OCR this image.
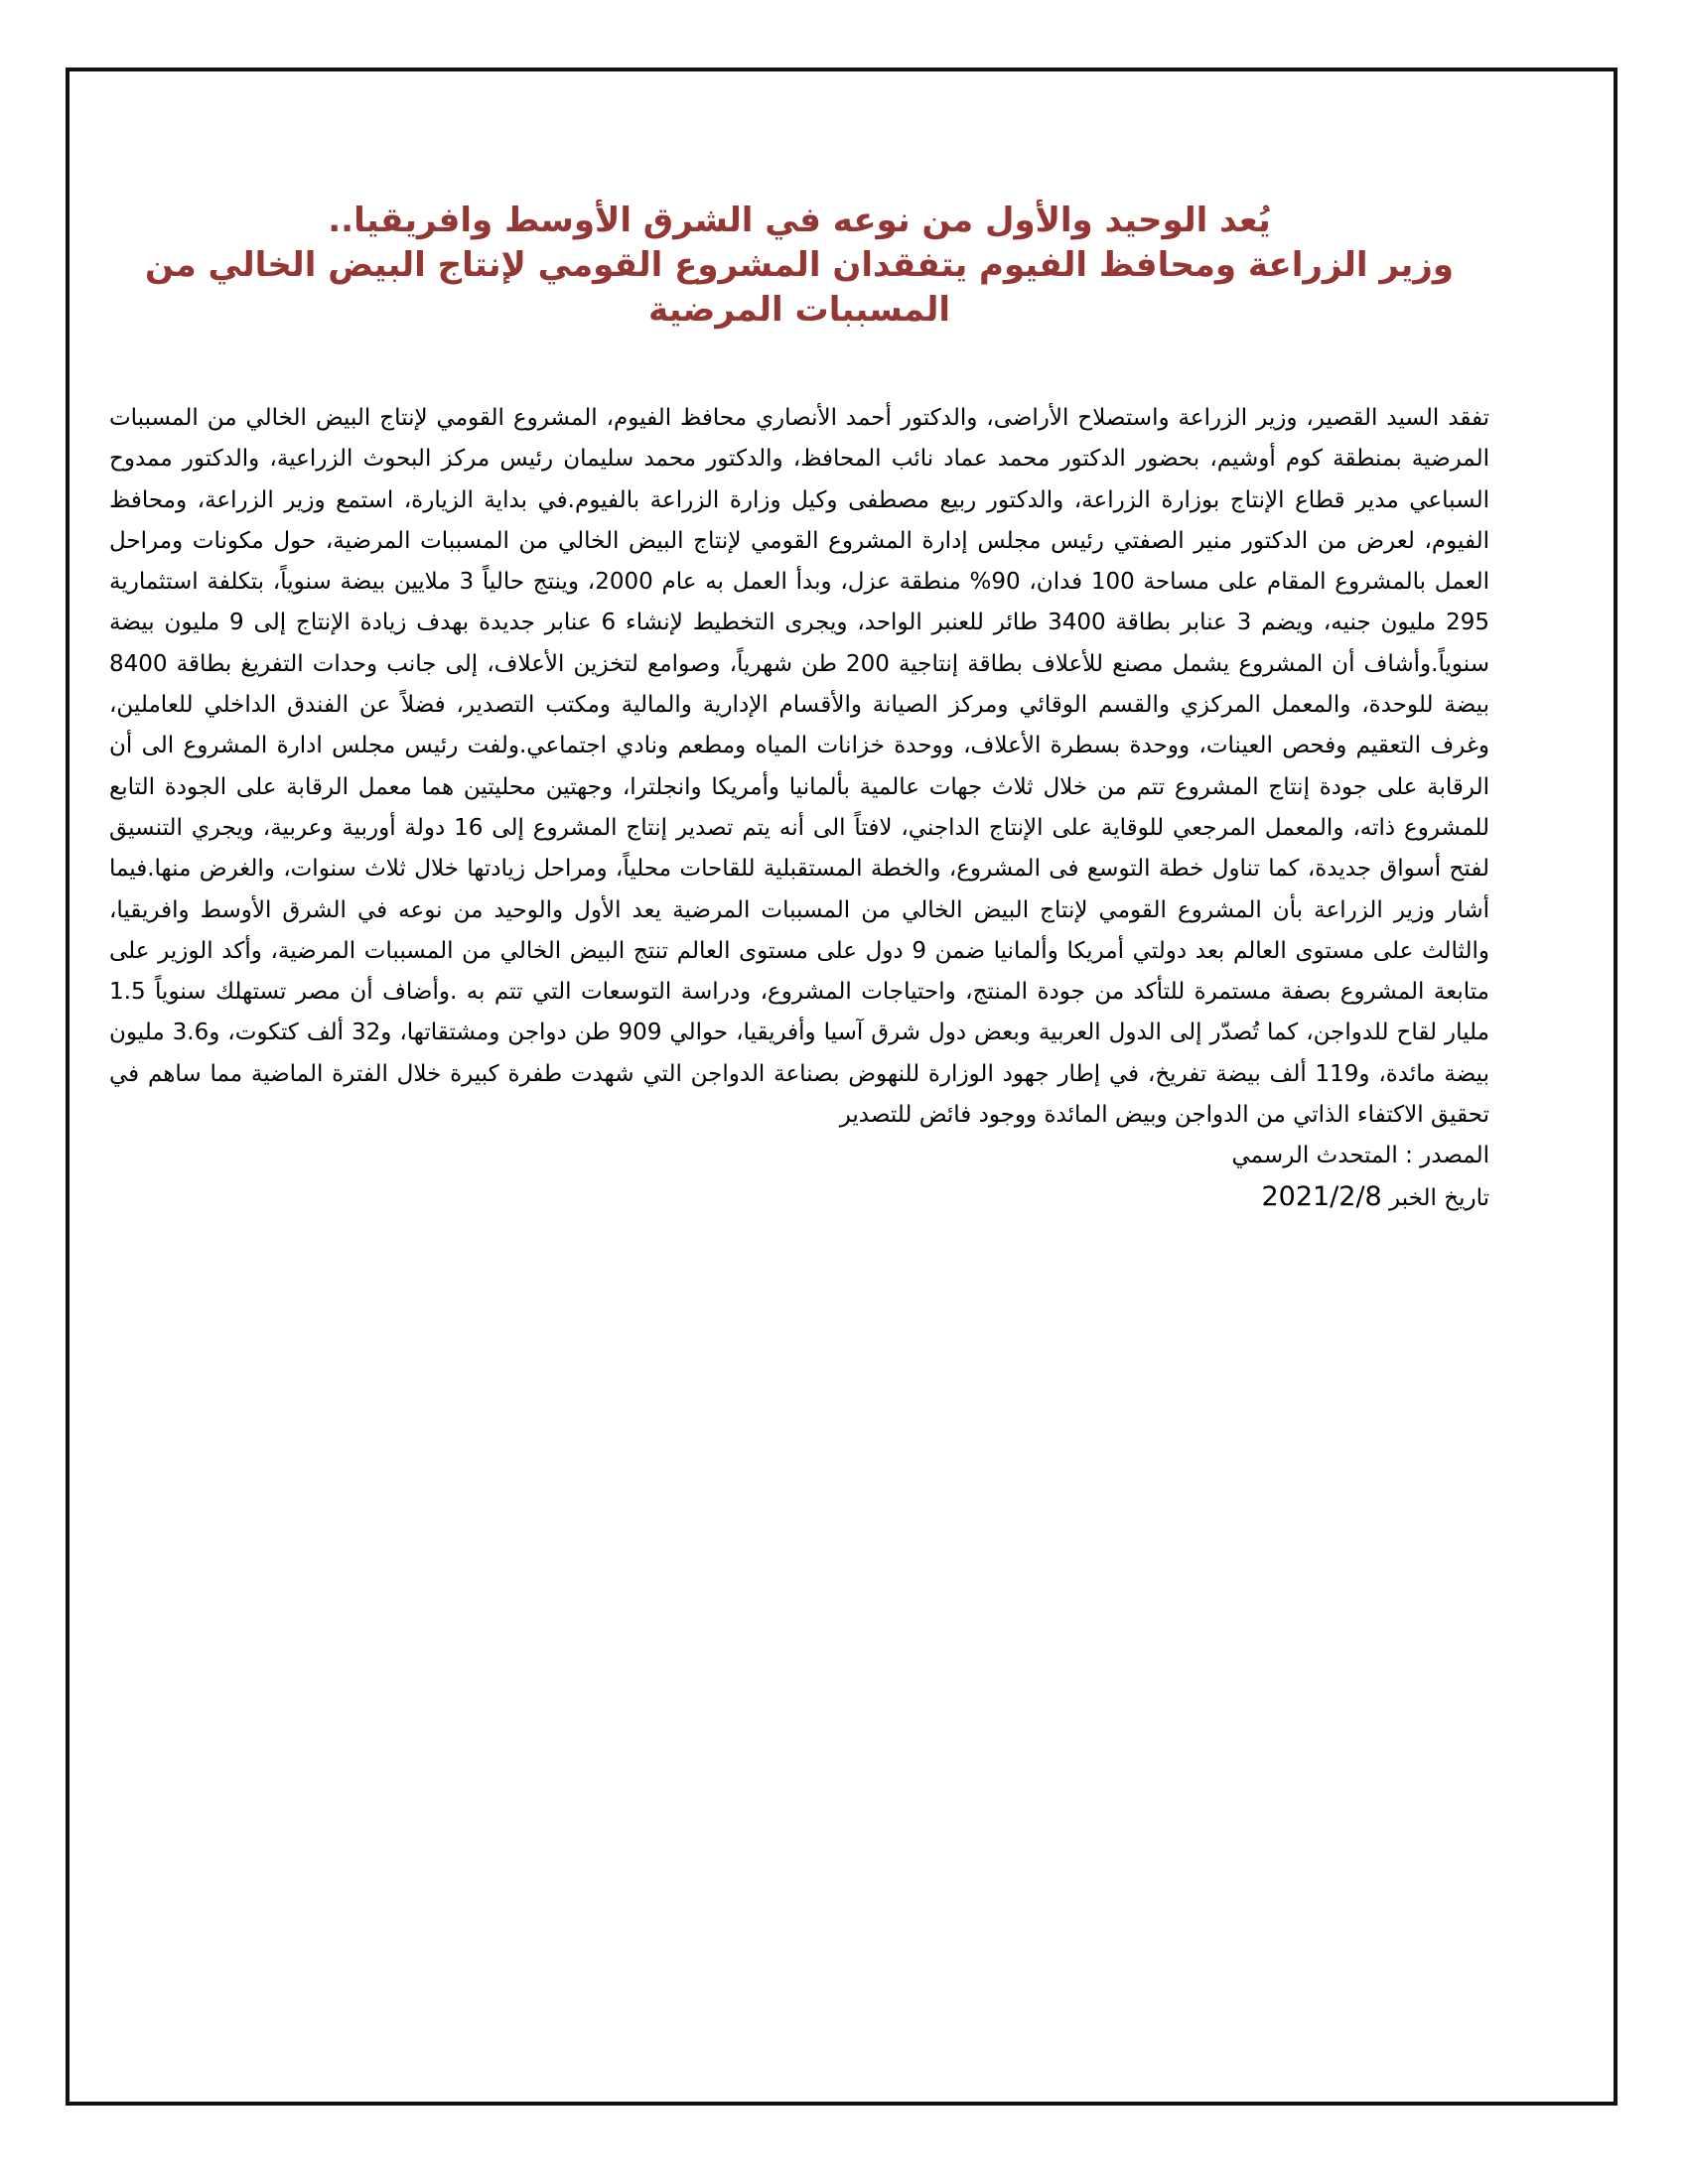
يُعد الوحيد والأول من نوعه في الشرق الأوسط وافريقيا..
وزير الزراعة ومحافظ الفيوم يتفقدان المشروع القومي لإنتاج البيض الخالي من المسببات المرضية

تفقد السيد القصير، وزير الزراعة واستصلاح الأراضى، والدكتور أحمد الأنصاري محافظ الفيوم، المشروع القومي لإنتاج البيض الخالي من المسببات المرضية بمنطقة كوم أوشيم، بحضور الدكتور محمد عماد نائب المحافظ، والدكتور محمد سليمان رئيس مركز البحوث الزراعية، والدكتور ممدوح السباعي مدير قطاع الإنتاج بوزارة الزراعة، والدكتور ربيع مصطفى وكيل وزارة الزراعة بالفيوم.في بداية الزيارة، استمع وزير الزراعة، ومحافظ الفيوم، لعرض من الدكتور منير الصفتي رئيس مجلس إدارة المشروع القومي لإنتاج البيض الخالي من المسببات المرضية، حول مكونات ومراحل العمل بالمشروع المقام على مساحة 100 فدان، 90% منطقة عزل، وبدأ العمل به عام 2000، وينتج حالياً 3 ملايين بيضة سنوياً، بتكلفة استثمارية 295 مليون جنيه، ويضم 3 عنابر بطاقة 3400 طائر للعنبر الواحد، ويجرى التخطيط لإنشاء 6 عنابر جديدة بهدف زيادة الإنتاج إلى 9 مليون بيضة سنوياً.وأشاف أن المشروع يشمل مصنع للأعلاف بطاقة إنتاجية 200 طن شهرياً، وصوامع لتخزين الأعلاف، إلى جانب وحدات التفريغ بطاقة 8400 بيضة للوحدة، والمعمل المركزي والقسم الوقائي ومركز الصيانة والأقسام الإدارية والمالية ومكتب التصدير، فضلاً عن الفندق الداخلي للعاملين، وغرف التعقيم وفحص العينات، ووحدة بسطرة الأعلاف، ووحدة خزانات المياه ومطعم ونادي اجتماعي.ولفت رئيس مجلس ادارة المشروع الى أن الرقابة على جودة إنتاج المشروع تتم من خلال ثلاث جهات عالمية بألمانيا وأمريكا وانجلترا، وجهتين محليتين هما معمل الرقابة على الجودة التابع للمشروع ذاته، والمعمل المرجعي للوقاية على الإنتاج الداجني، لافتاً الى أنه يتم تصدير إنتاج المشروع إلى 16 دولة أوربية وعربية، ويجري التنسيق لفتح أسواق جديدة، كما تناول خطة التوسع فى المشروع، والخطة المستقبلية للقاحات محلياً، ومراحل زيادتها خلال ثلاث سنوات، والغرض منها.فيما أشار وزير الزراعة بأن المشروع القومي لإنتاج البيض الخالي من المسببات المرضية يعد الأول والوحيد من نوعه في الشرق الأوسط وافريقيا، والثالث على مستوى العالم بعد دولتي أمريكا وألمانيا ضمن 9 دول على مستوى العالم تنتج البيض الخالي من المسببات المرضية، وأكد الوزير على متابعة المشروع بصفة مستمرة للتأكد من جودة المنتج، واحتياجات المشروع، ودراسة التوسعات التي تتم به .وأضاف أن مصر تستهلك سنوياً 1.5 مليار لقاح للدواجن، كما تُصدّر إلى الدول العربية وبعض دول شرق آسيا وأفريقيا، حوالي 909 طن دواجن ومشتقاتها، و32 ألف كتكوت، و3.6 مليون بيضة مائدة، و119 ألف بيضة تفريخ، في إطار جهود الوزارة للنهوض بصناعة الدواجن التي شهدت طفرة كبيرة خلال الفترة الماضية مما ساهم في تحقيق الاكتفاء الذاتي من الدواجن وبيض المائدة ووجود فائض للتصدير

المصدر : المتحدث الرسمي

تاريخ الخبر 2021/2/8
